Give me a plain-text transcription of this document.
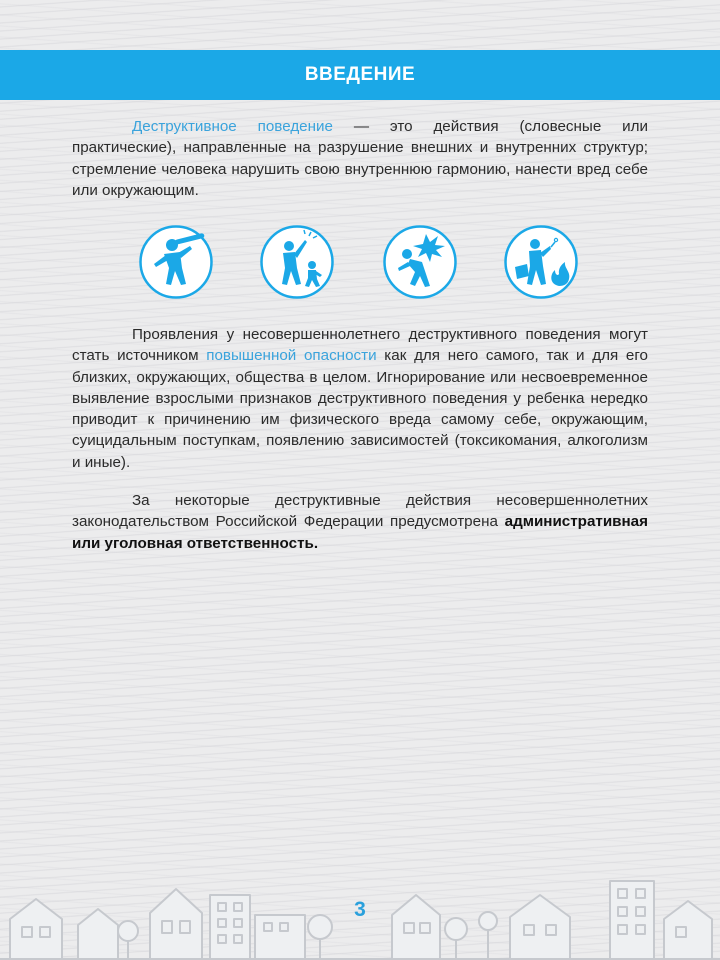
ВВЕДЕНИЕ

Деструктивное поведение — это действия (словесные или практические), направленные на разрушение внешних и внутренних структур; стремление человека нарушить свою внутреннюю гармонию, нанести вред себе или окружающим.

Проявления у несовершеннолетнего деструктивного поведения могут стать источником повышенной опасности как для него самого, так и для его близких, окружающих, общества в целом. Игнорирование или несвоевременное выявление взрослыми признаков деструктивного поведения у ребенка нередко приводит к причинению им физического вреда самому себе, окружающим, суицидальным поступкам, появлению зависимостей (токсикомания, алкоголизм и иные).

За некоторые деструктивные действия несовершеннолетних законодательством Российской Федерации предусмотрена административная или уголовная ответственность.

3
